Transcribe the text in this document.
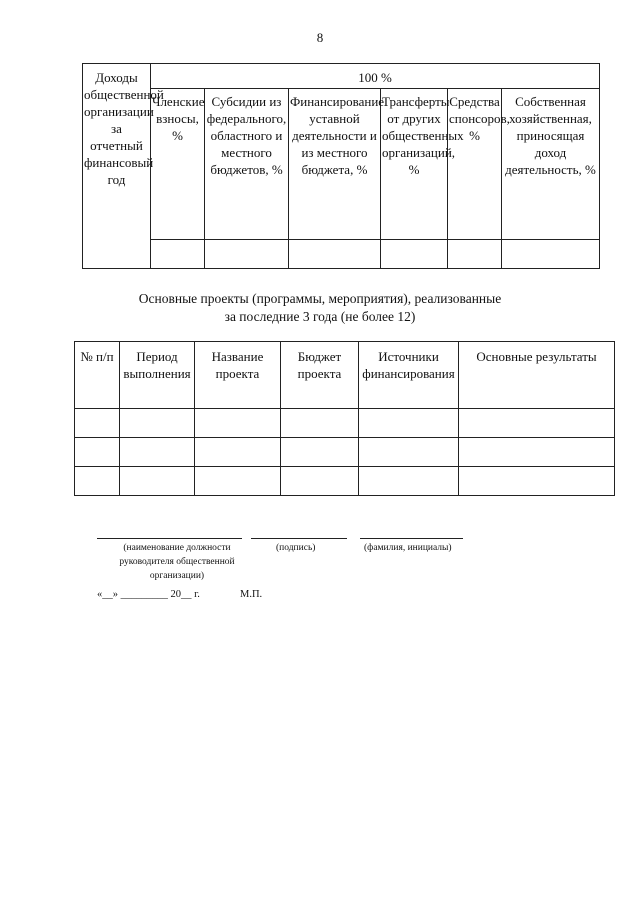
8
Доходы общественной организации за отчетный финансовый год	100 %					
	Членские взносы, %	Субсидии из федерального, областного и местного бюджетов, %	Финансирование уставной деятельности и из местного бюджета, %	Трансферты от других общественных организаций, %	Средства спонсоров, %	Собственная хозяйственная, приносящая доход деятельность, %

Основные проекты (программы, мероприятия), реализованные
за последние 3 года (не более 12)
№ п/п	Период выполнения	Название проекта	Бюджет проекта	Источники финансирования	Основные результаты

(наименование должности руководителя общественной организации)
(подпись)	(фамилия, инициалы)
«__» _________ 20__ г.	М.П.
